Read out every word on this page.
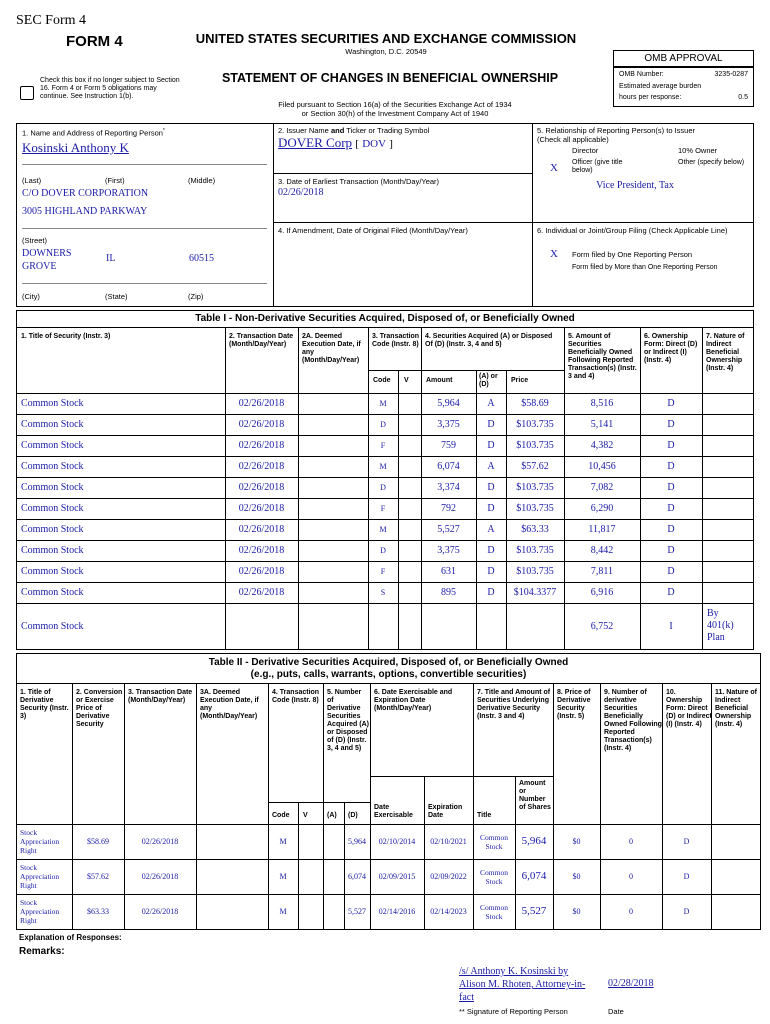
SEC Form 4
FORM 4	UNITED STATES SECURITIES AND EXCHANGE COMMISSION
Washington, D.C. 20549
STATEMENT OF CHANGES IN BENEFICIAL OWNERSHIP
Check this box if no longer subject to Section 16. Form 4 or Form 5 obligations may continue. See Instruction 1(b).
Filed pursuant to Section 16(a) of the Securities Exchange Act of 1934
or Section 30(h) of the Investment Company Act of 1940
OMB APPROVAL
OMB Number:	3235-0287
Estimated average burden
hours per response:	0.5
1. Name and Address of Reporting Person*
Kosinski Anthony K
(Last)	(First)	(Middle)
C/O DOVER CORPORATION
3005 HIGHLAND PARKWAY
(Street)
DOWNERS GROVE
IL	60515
(City)	(State)	(Zip)
2. Issuer Name and Ticker or Trading Symbol
DOVER Corp [ DOV ]
3. Date of Earliest Transaction (Month/Day/Year)
02/26/2018
4. If Amendment, Date of Original Filed (Month/Day/Year)
5. Relationship of Reporting Person(s) to Issuer
(Check all applicable)
Director	10% Owner
X Officer (give title below)
Other (specify below)
Vice President, Tax
6. Individual or Joint/Group Filing (Check Applicable Line)
X Form filed by One Reporting Person
Form filed by More than One Reporting Person
Table I - Non-Derivative Securities Acquired, Disposed of, or Beneficially Owned
1. Title of Security (Instr. 3)	2. Transaction Date (Month/Day/Year)
2A. Deemed Execution Date, if any (Month/Day/Year)
3. Transaction Code (Instr. 8)
4. Securities Acquired (A) or Disposed Of (D) (Instr. 3, 4 and 5)
5. Amount of Securities Beneficially Owned Following Reported Transaction(s) (Instr. 3 and 4)
6. Ownership Form: Direct (D) or Indirect (I) (Instr. 4)
7. Nature of Indirect Beneficial Ownership (Instr. 4)
Code V Amount
(A) or (D)
Price
Common Stock	02/26/2018	M	5,964	A	$58.69	8,516	D
Common Stock	02/26/2018	D	3,375	D	$103.735	5,141	D
Common Stock	02/26/2018	F	759	D	$103.735	4,382	D
Common Stock	02/26/2018	M	6,074	A	$57.62	10,456	D
Common Stock	02/26/2018	D	3,374	D	$103.735	7,082	D
Common Stock	02/26/2018	F	792	D	$103.735	6,290	D
Common Stock	02/26/2018	M	5,527	A	$63.33	11,817	D
Common Stock	02/26/2018	D	3,375	D	$103.735	8,442	D
Common Stock	02/26/2018	F	631	D	$103.735	7,811	D
Common Stock	02/26/2018	S	895	D	$104.3377	6,916	D
Common Stock	6,752	I
By
401(k)
Plan
Table II - Derivative Securities Acquired, Disposed of, or Beneficially Owned
(e.g., puts, calls, warrants, options, convertible securities)
1. Title of Derivative Security (Instr. 3)
2. Conversion or Exercise Price of Derivative Security
3. Transaction Date (Month/Day/Year)
3A. Deemed Execution Date, if any (Month/Day/Year)
4. Transaction Code (Instr. 8)
5. Number of Derivative Securities Acquired (A) or Disposed of (D) (Instr. 3, 4 and 5)
6. Date Exercisable and Expiration Date (Month/Day/Year)
7. Title and Amount of Securities Underlying Derivative Security (Instr. 3 and 4)
8. Price of Derivative Security (Instr. 5)
9. Number of derivative Securities Beneficially Owned Following Reported Transaction(s) (Instr. 4)
10. Ownership Form: Direct (D) or Indirect (I) (Instr. 4)
11. Nature of Indirect Beneficial Ownership (Instr. 4)
Code V	(A) (D)
Date Exercisable
Expiration Date	Title
Amount or Number of Shares
Stock Appreciation Right
$58.69	02/26/2018	M	5,964	02/10/2014	02/10/2021	Common Stock	5,964	$0	0	D
Stock Appreciation Right
$57.62	02/26/2018	M	6,074	02/09/2015	02/09/2022	Common Stock	6,074	$0	0	D
Stock Appreciation Right
$63.33	02/26/2018	M	5,527	02/14/2016	02/14/2023	Common Stock	5,527	$0	0	D
Explanation of Responses:
Remarks:
/s/ Anthony K. Kosinski by
Alison M. Rhoten, Attorney-in-
fact
02/28/2018
** Signature of Reporting Person	Date
